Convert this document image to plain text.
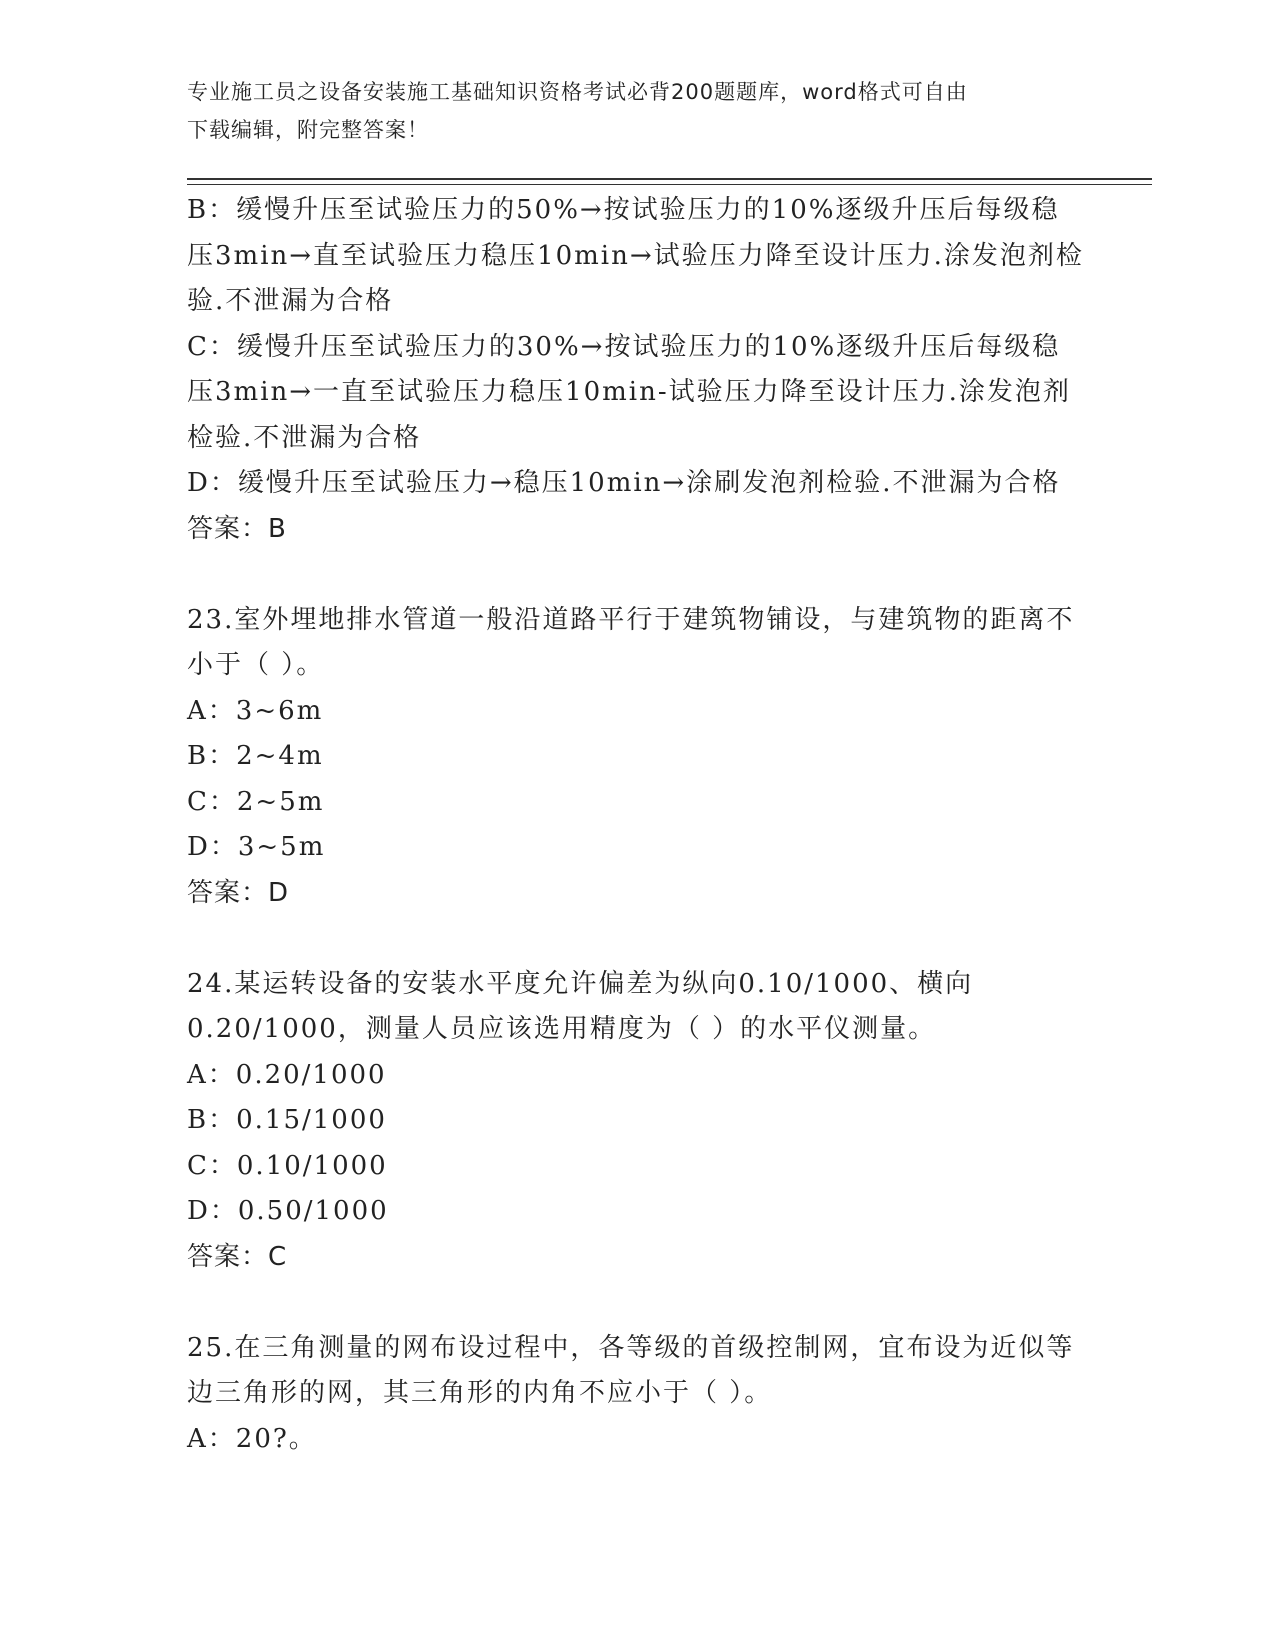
专业施工员之设备安装施工基础知识资格考试必背200题题库，word格式可自由
下载编辑，附完整答案！

B：缓慢升压至试验压力的50%→按试验压力的10%逐级升压后每级稳压3min→直至试验压力稳压10min→试验压力降至设计压力.涂发泡剂检验.不泄漏为合格

C：缓慢升压至试验压力的30%→按试验压力的10%逐级升压后每级稳压3min→一直至试验压力稳压10min-试验压力降至设计压力.涂发泡剂检验.不泄漏为合格

D：缓慢升压至试验压力→稳压10min→涂刷发泡剂检验.不泄漏为合格

答案：B

23.室外埋地排水管道一般沿道路平行于建筑物铺设，与建筑物的距离不小于（ ）。

A：3~6m

B：2~4m

C：2~5m

D：3~5m

答案：D

24.某运转设备的安装水平度允许偏差为纵向0.10/1000、横向0.20/1000，测量人员应该选用精度为（ ）的水平仪测量。

A：0.20/1000

B：0.15/1000

C：0.10/1000

D：0.50/1000

答案：C

25.在三角测量的网布设过程中，各等级的首级控制网，宜布设为近似等边三角形的网，其三角形的内角不应小于（ ）。

A：20?。
